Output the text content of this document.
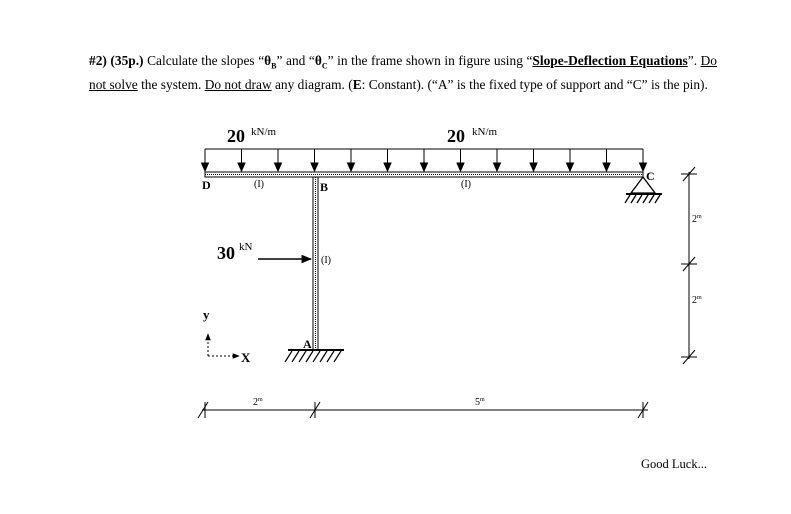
#2) (35p.) Calculate the slopes “$\theta_B$” and “$\theta_C$” in the frame shown in figure using “Slope-Deflection Equations”. Do not solve the system. Do not draw any diagram. (E: Constant). (“A” is the fixed type of support and “C” is the pin).
20 kN/m	20 kN/m
D	B
C
A
(I)	(I)
(I)
30 kN
y
X
2$^m$	5$^m$
2$^m$
2$^m$
Good Luck...
